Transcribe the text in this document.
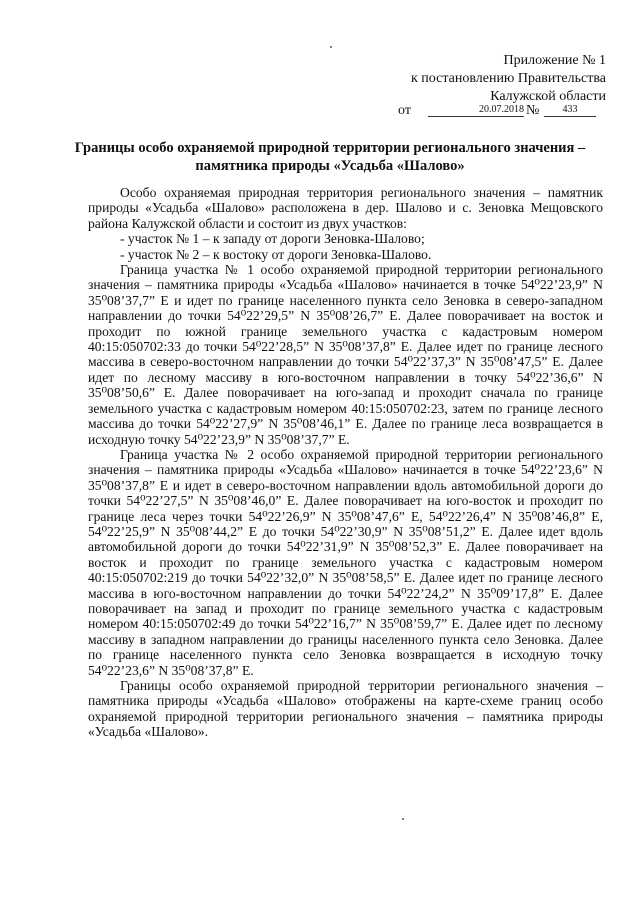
Приложение № 1
к постановлению Правительства
Калужской области
от	20.07.2018 №	433
Границы особо охраняемой природной территории регионального значения –
памятника природы «Усадьба «Шалово»

Особо охраняемая природная территория регионального значения – памятник природы «Усадьба «Шалово» расположена в дер. Шалово и с. Зеновка Мещовского района Калужской области и состоит из двух участков:

- участок № 1 – к западу от дороги Зеновка-Шалово;

- участок № 2 – к востоку от дороги Зеновка-Шалово.

Граница участка № 1 особо охраняемой природной территории регионального значения – памятника природы «Усадьба «Шалово» начинается в точке 54⁰22’23,9” N 35⁰08’37,7” E и идет по границе населенного пункта село Зеновка в северо-западном направлении до точки 54⁰22’29,5” N 35⁰08’26,7” E. Далее поворачивает на восток и проходит по южной границе земельного участка с кадастровым номером 40:15:050702:33 до точки 54⁰22’28,5” N 35⁰08’37,8” E. Далее идет по границе лесного массива в северо-восточном направлении до точки 54⁰22’37,3” N 35⁰08’47,5” E. Далее идет по лесному массиву в юго-восточном направлении в точку 54⁰22’36,6” N 35⁰08’50,6” E. Далее поворачивает на юго-запад и проходит сначала по границе земельного участка с кадастровым номером 40:15:050702:23, затем по границе лесного массива до точки 54⁰22’27,9” N 35⁰08’46,1” E. Далее по границе леса возвращается в исходную точку 54⁰22’23,9” N 35⁰08’37,7” E.

Граница участка № 2 особо охраняемой природной территории регионального значения – памятника природы «Усадьба «Шалово» начинается в точке 54⁰22’23,6” N 35⁰08’37,8” E и идет в северо-восточном направлении вдоль автомобильной дороги до точки 54⁰22’27,5” N 35⁰08’46,0” E. Далее поворачивает на юго-восток и проходит по границе леса через точки 54⁰22’26,9” N 35⁰08’47,6” E, 54⁰22’26,4” N 35⁰08’46,8” E, 54⁰22’25,9” N 35⁰08’44,2” E до точки 54⁰22’30,9” N 35⁰08’51,2” E. Далее идет вдоль автомобильной дороги до точки 54⁰22’31,9” N 35⁰08’52,3” E. Далее поворачивает на восток и проходит по границе земельного участка с кадастровым номером 40:15:050702:219 до точки 54⁰22’32,0” N 35⁰08’58,5” E. Далее идет по границе лесного массива в юго-восточном направлении до точки 54⁰22’24,2” N 35⁰09’17,8” E. Далее поворачивает на запад и проходит по границе земельного участка с кадастровым номером 40:15:050702:49 до точки 54⁰22’16,7” N 35⁰08’59,7” E. Далее идет по лесному массиву в западном направлении до границы населенного пункта село Зеновка. Далее по границе населенного пункта село Зеновка возвращается в исходную точку 54⁰22’23,6” N 35⁰08’37,8” E.

Границы особо охраняемой природной территории регионального значения – памятника природы «Усадьба «Шалово» отображены на карте-схеме границ особо охраняемой природной территории регионального значения – памятника природы «Усадьба «Шалово».
